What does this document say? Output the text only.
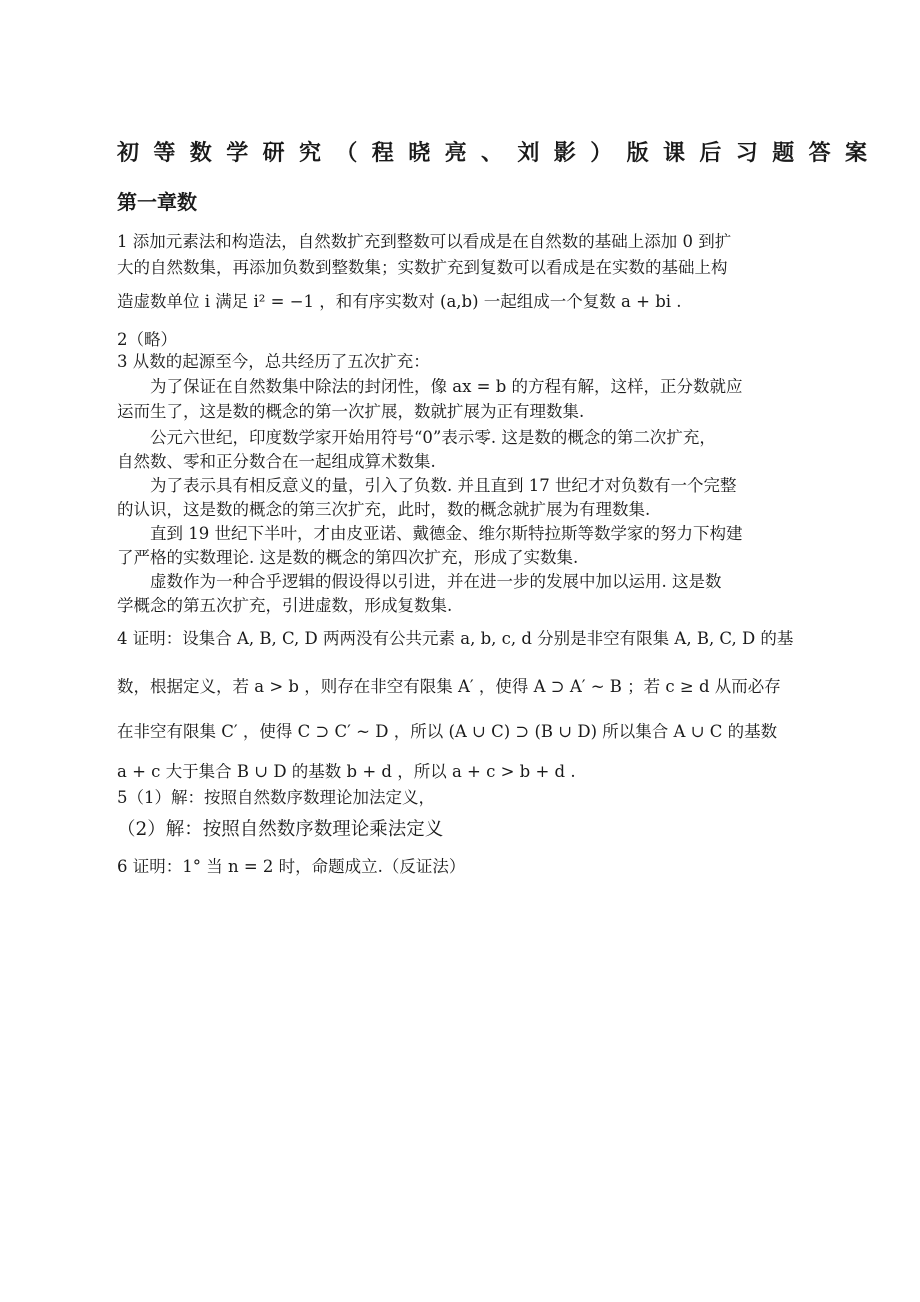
初等数学研究（程晓亮、刘影）版课后习题答案
第一章数
1 添加元素法和构造法，自然数扩充到整数可以看成是在自然数的基础上添加 0 到扩
大的自然数集，再添加负数到整数集；实数扩充到复数可以看成是在实数的基础上构
造虚数单位 i 满足 i² = −1 ，和有序实数对 (a,b) 一起组成一个复数 a + bi .
2（略）
3 从数的起源至今，总共经历了五次扩充：
为了保证在自然数集中除法的封闭性，像 ax = b 的方程有解，这样，正分数就应
运而生了，这是数的概念的第一次扩展，数就扩展为正有理数集.
公元六世纪，印度数学家开始用符号“0”表示零. 这是数的概念的第二次扩充，
自然数、零和正分数合在一起组成算术数集.
为了表示具有相反意义的量，引入了负数. 并且直到 17 世纪才对负数有一个完整
的认识，这是数的概念的第三次扩充，此时，数的概念就扩展为有理数集.
直到 19 世纪下半叶，才由皮亚诺、戴德金、维尔斯特拉斯等数学家的努力下构建
了严格的实数理论. 这是数的概念的第四次扩充，形成了实数集.
虚数作为一种合乎逻辑的假设得以引进，并在进一步的发展中加以运用. 这是数
学概念的第五次扩充，引进虚数，形成复数集.
4 证明：设集合 A, B, C, D 两两没有公共元素 a, b, c, d 分别是非空有限集 A, B, C, D 的基
数，根据定义，若 a > b ，则存在非空有限集 A′ ，使得 A ⊃ A′ ~ B ；若 c ≥ d 从而必存
在非空有限集 C′ ，使得 C ⊃ C′ ~ D ，所以 (A ∪ C) ⊃ (B ∪ D) 所以集合 A ∪ C 的基数
a + c 大于集合 B ∪ D 的基数 b + d ，所以 a + c > b + d .
5（1）解：按照自然数序数理论加法定义，
（2）解：按照自然数序数理论乘法定义
6 证明：1° 当 n = 2 时，命题成立.（反证法）
